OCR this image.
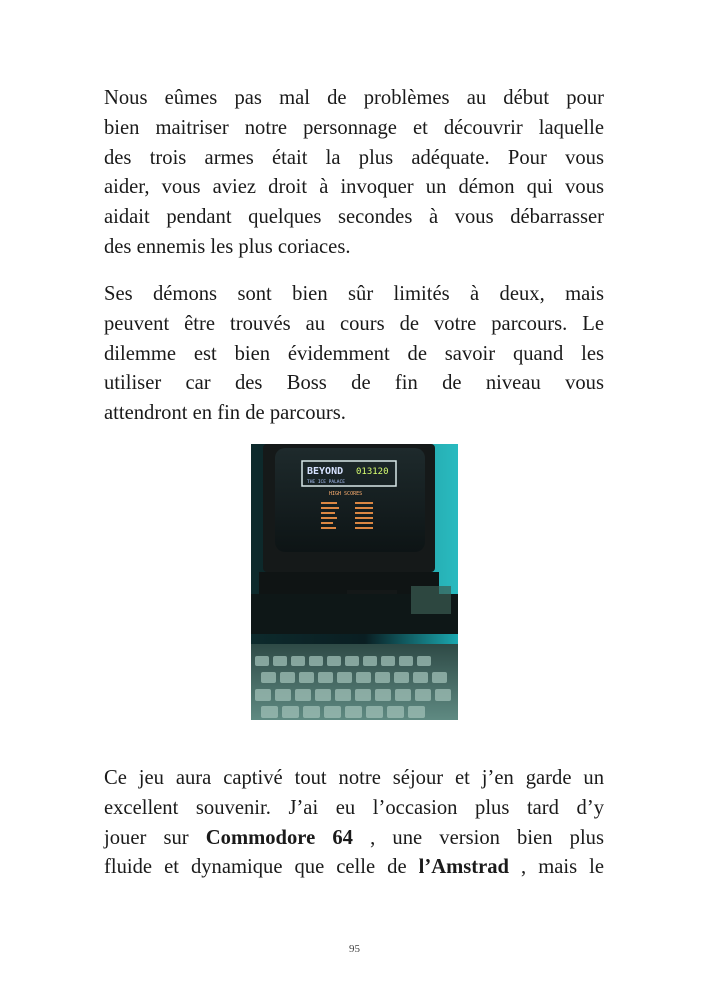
Nous eûmes pas mal de problèmes au début pour
bien maitriser notre personnage et découvrir laquelle
des trois armes était la plus adéquate. Pour vous
aider, vous aviez droit à invoquer un démon qui vous
aidait pendant quelques secondes à vous débarrasser
des ennemis les plus coriaces.

Ses démons sont bien sûr limités à deux, mais
peuvent être trouvés au cours de votre parcours. Le
dilemme est bien évidemment de savoir quand les
utiliser car des Boss de fin de niveau vous
attendront en fin de parcours.

BEYOND
THE ICE PALACE
013120
HIGH SCORES

Ce jeu aura captivé tout notre séjour et j’en garde un
excellent souvenir. J’ai eu l’occasion plus tard d’y
jouer sur Commodore 64 , une version bien plus
fluide et dynamique que celle de l’Amstrad , mais le

95
